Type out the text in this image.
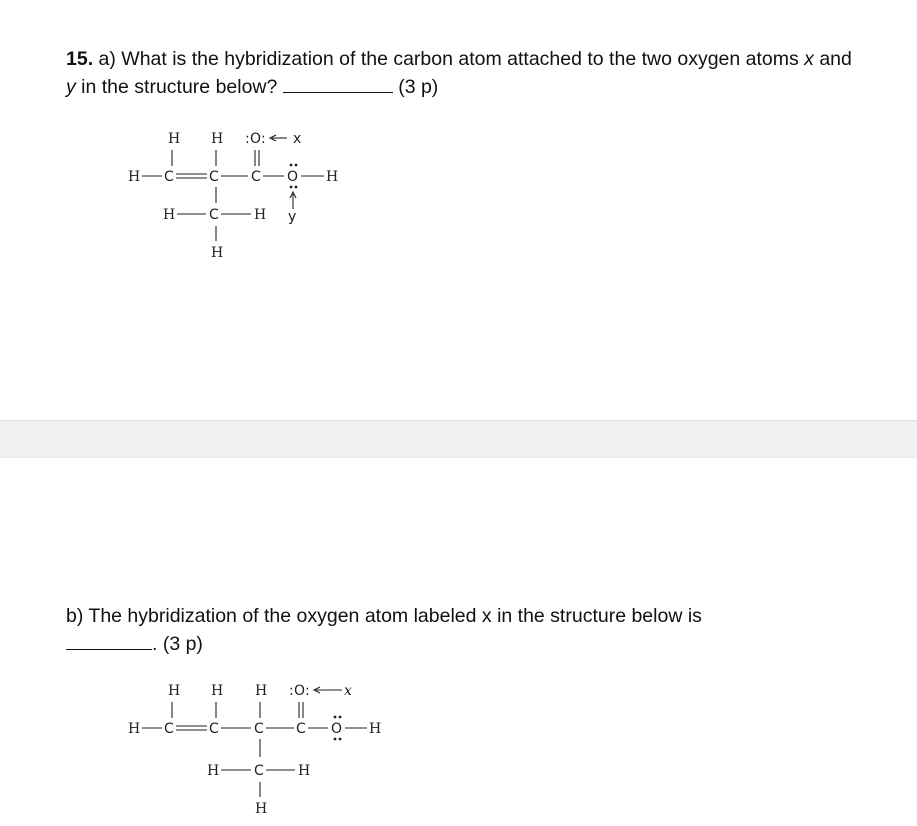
15. a) What is the hybridization of the carbon atom attached to the two oxygen atoms x and y in the structure below?	(3 p)
H H : O : x
H C	C C O H
H C	H y
H
b) The hybridization of the oxygen atom labeled x in the structure below is
. (3 p)
H H H : O : x
H C	C	C C O H
H C H
H
